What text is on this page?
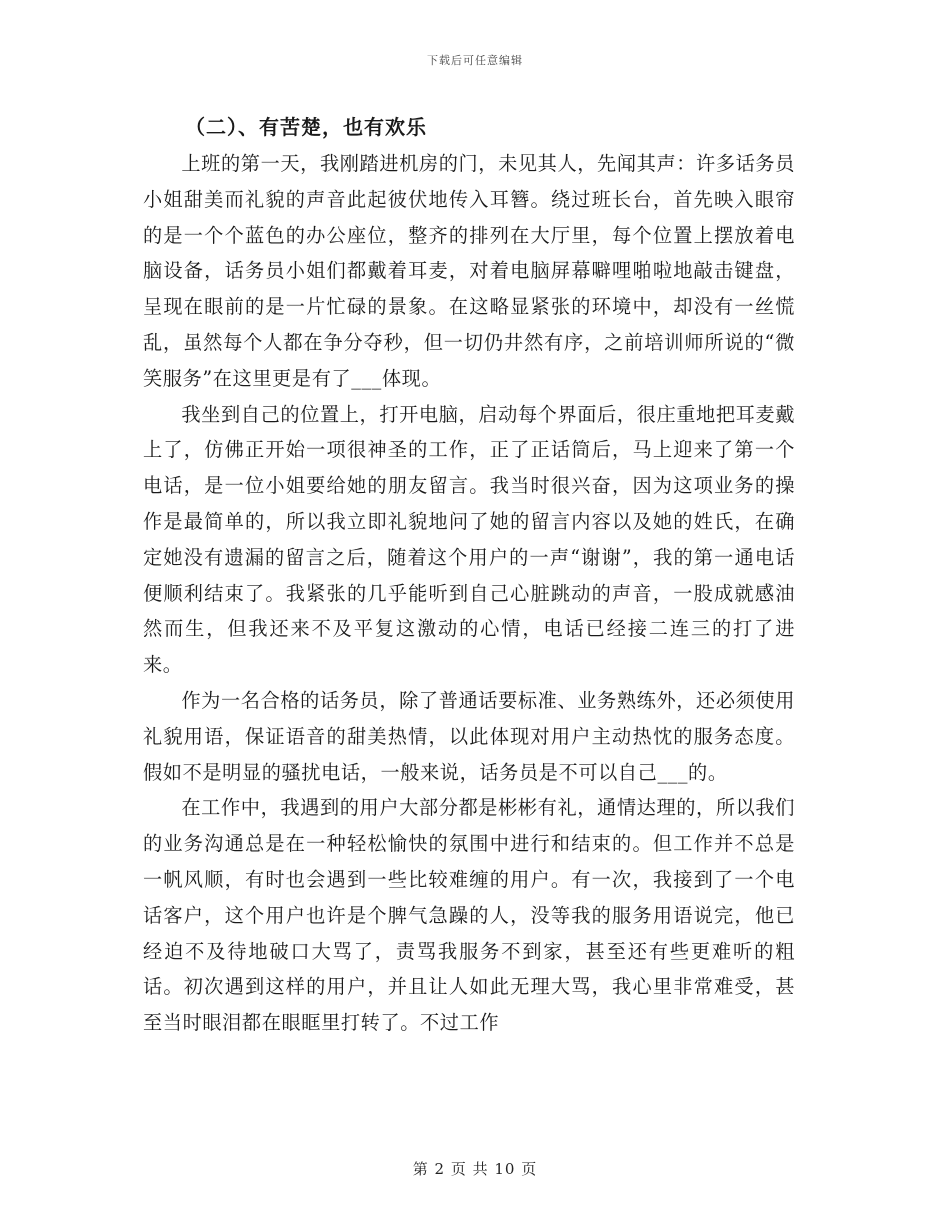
下载后可任意编辑
（二）、有苦楚，也有欢乐

上班的第一天，我刚踏进机房的门，未见其人，先闻其声：许多话务员小姐甜美而礼貌的声音此起彼伏地传入耳簪。绕过班长台，首先映入眼帘的是一个个蓝色的办公座位，整齐的排列在大厅里，每个位置上摆放着电脑设备，话务员小姐们都戴着耳麦，对着电脑屏幕噼哩啪啦地敲击键盘，呈现在眼前的是一片忙碌的景象。在这略显紧张的环境中，却没有一丝慌乱，虽然每个人都在争分夺秒，但一切仍井然有序，之前培训师所说的“微笑服务”在这里更是有了___体现。

我坐到自己的位置上，打开电脑，启动每个界面后，很庄重地把耳麦戴上了，仿佛正开始一项很神圣的工作，正了正话筒后，马上迎来了第一个电话，是一位小姐要给她的朋友留言。我当时很兴奋，因为这项业务的操作是最简单的，所以我立即礼貌地问了她的留言内容以及她的姓氏，在确定她没有遗漏的留言之后，随着这个用户的一声“谢谢”，我的第一通电话便顺利结束了。我紧张的几乎能听到自己心脏跳动的声音，一股成就感油然而生，但我还来不及平复这激动的心情，电话已经接二连三的打了进来。

作为一名合格的话务员，除了普通话要标准、业务熟练外，还必须使用礼貌用语，保证语音的甜美热情，以此体现对用户主动热忱的服务态度。假如不是明显的骚扰电话，一般来说，话务员是不可以自己___的。

在工作中，我遇到的用户大部分都是彬彬有礼，通情达理的，所以我们的业务沟通总是在一种轻松愉快的氛围中进行和结束的。但工作并不总是一帆风顺，有时也会遇到一些比较难缠的用户。有一次，我接到了一个电话客户，这个用户也许是个脾气急躁的人，没等我的服务用语说完，他已经迫不及待地破口大骂了，责骂我服务不到家，甚至还有些更难听的粗话。初次遇到这样的用户，并且让人如此无理大骂，我心里非常难受，甚至当时眼泪都在眼眶里打转了。不过工作

第 2 页 共 10 页
